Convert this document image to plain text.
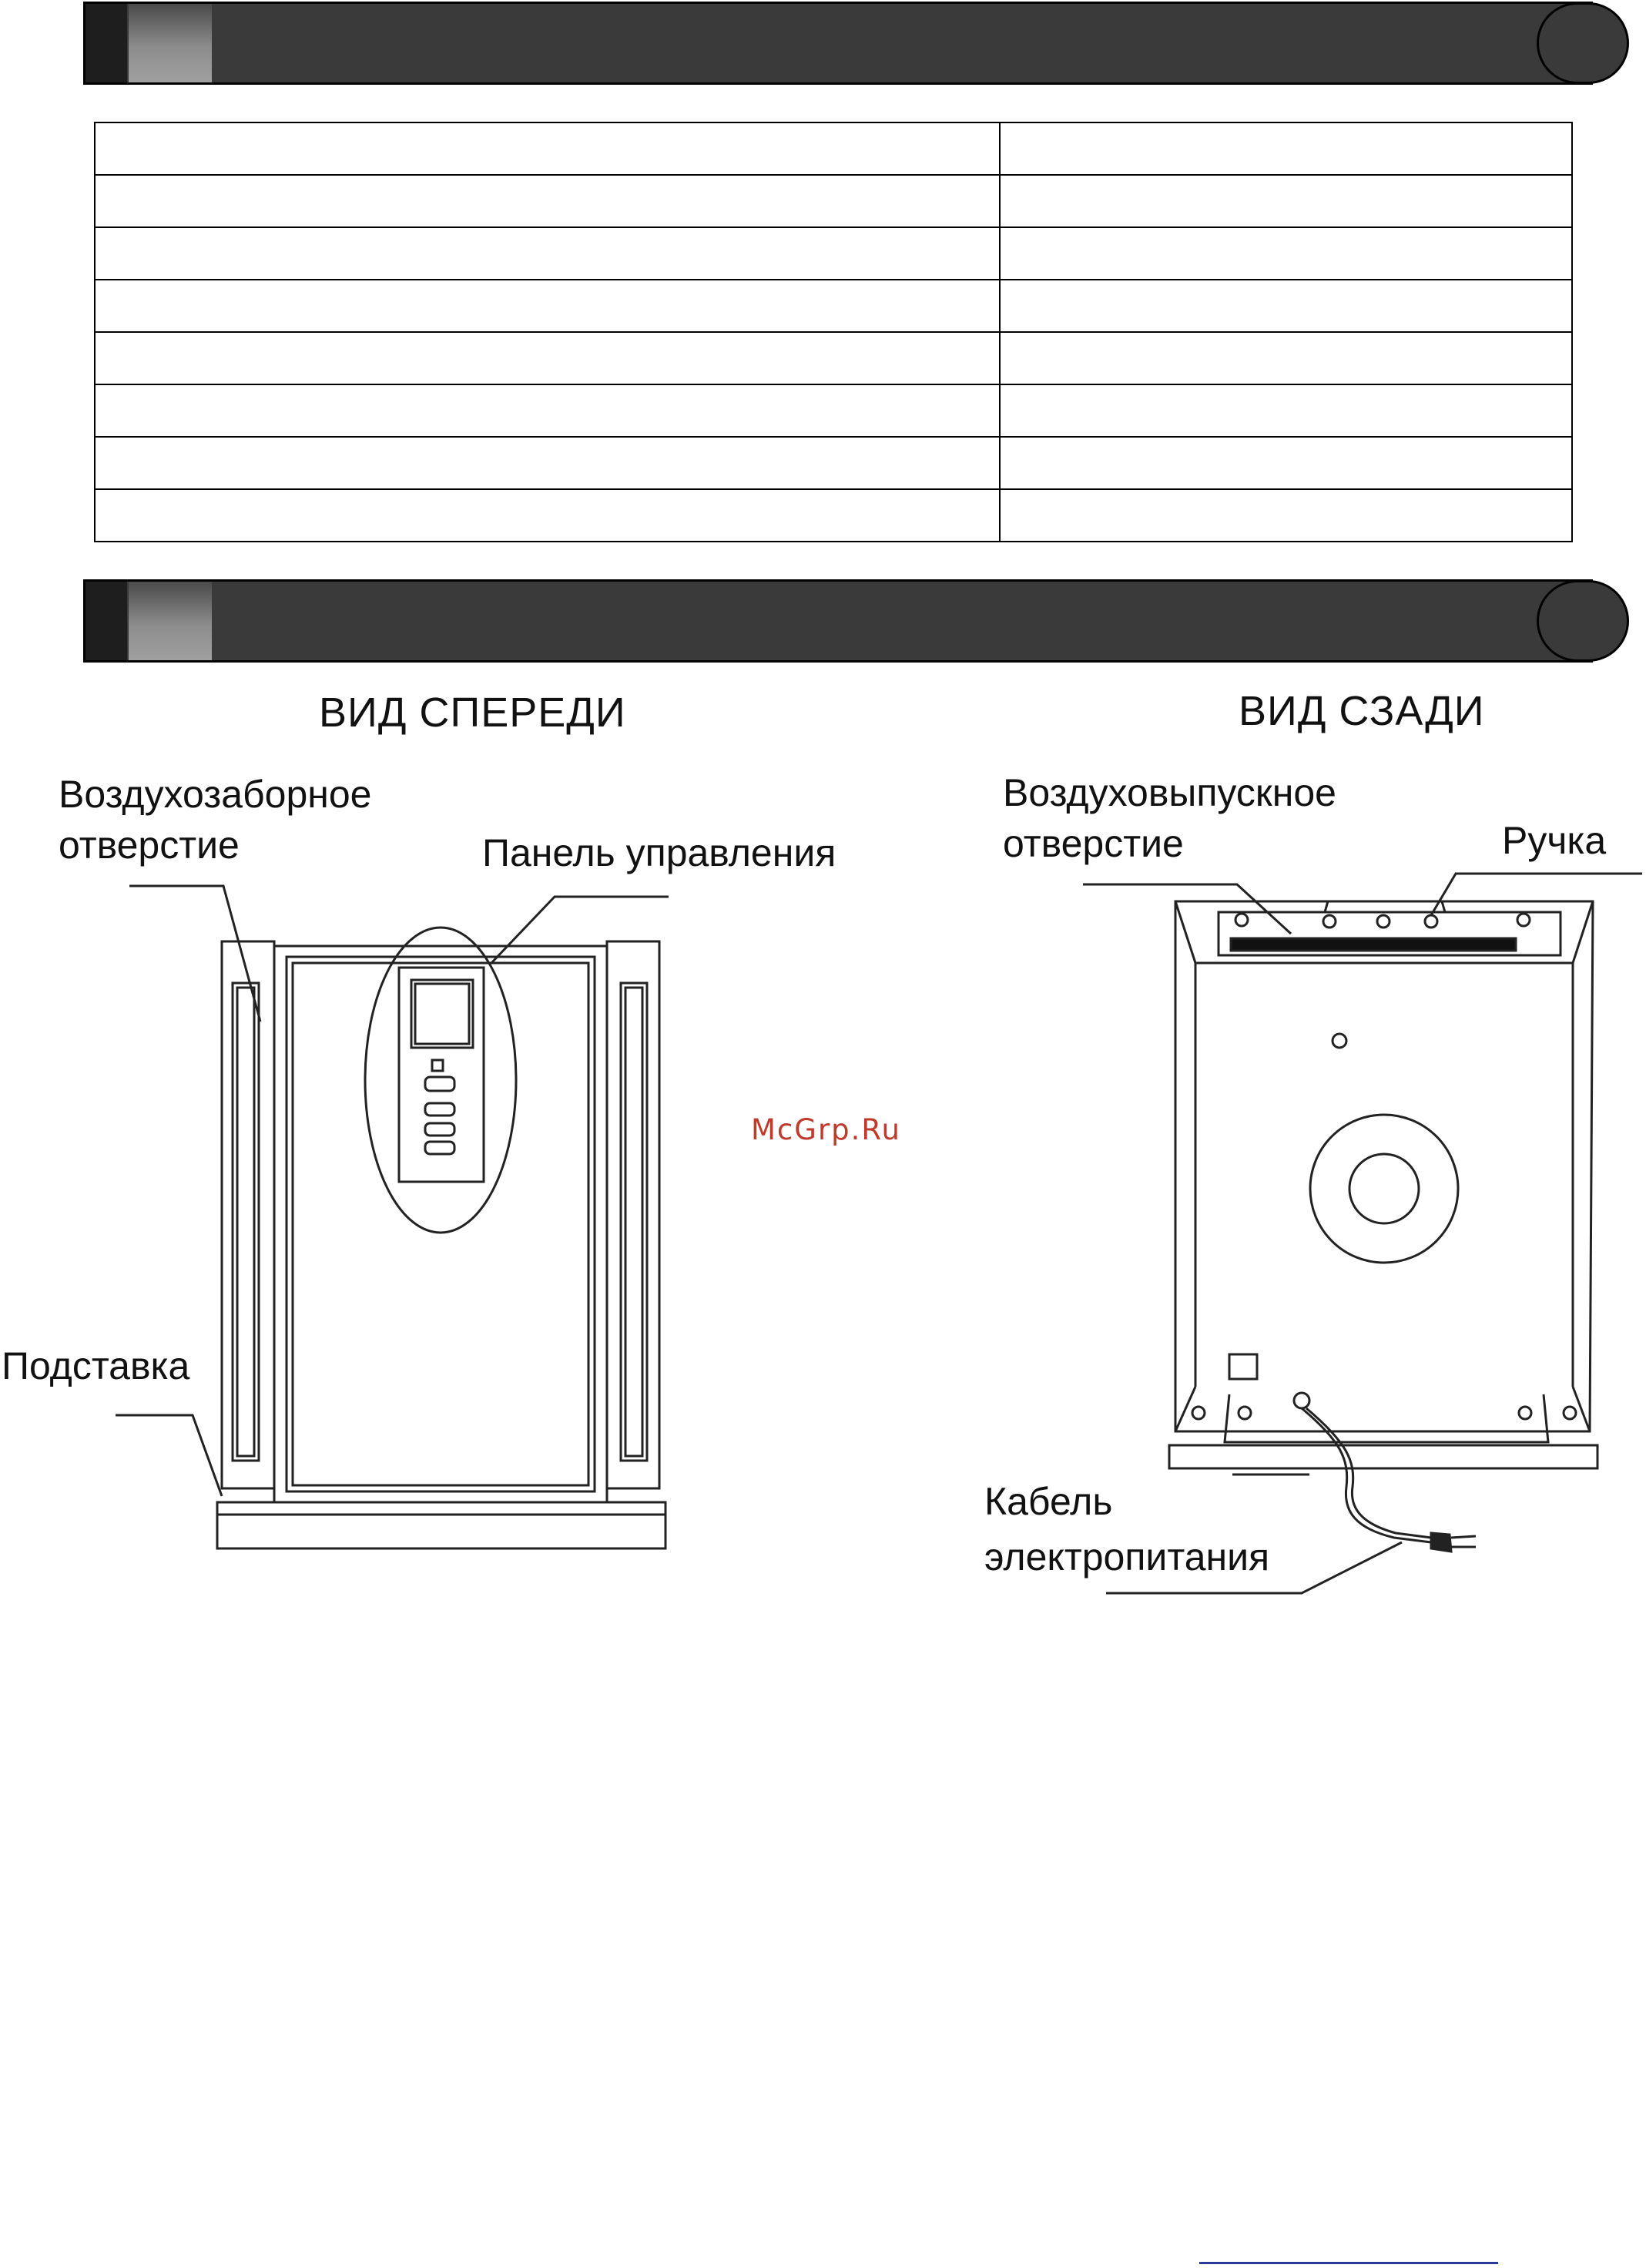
ВИД СПЕРЕДИ	ВИД СЗАДИ
Воздухозаборное
отверстие	Панель управления
Подставка
Воздуховыпускное
отверстие	Ручка
Кабель
электропитания
McGrp.Ru
